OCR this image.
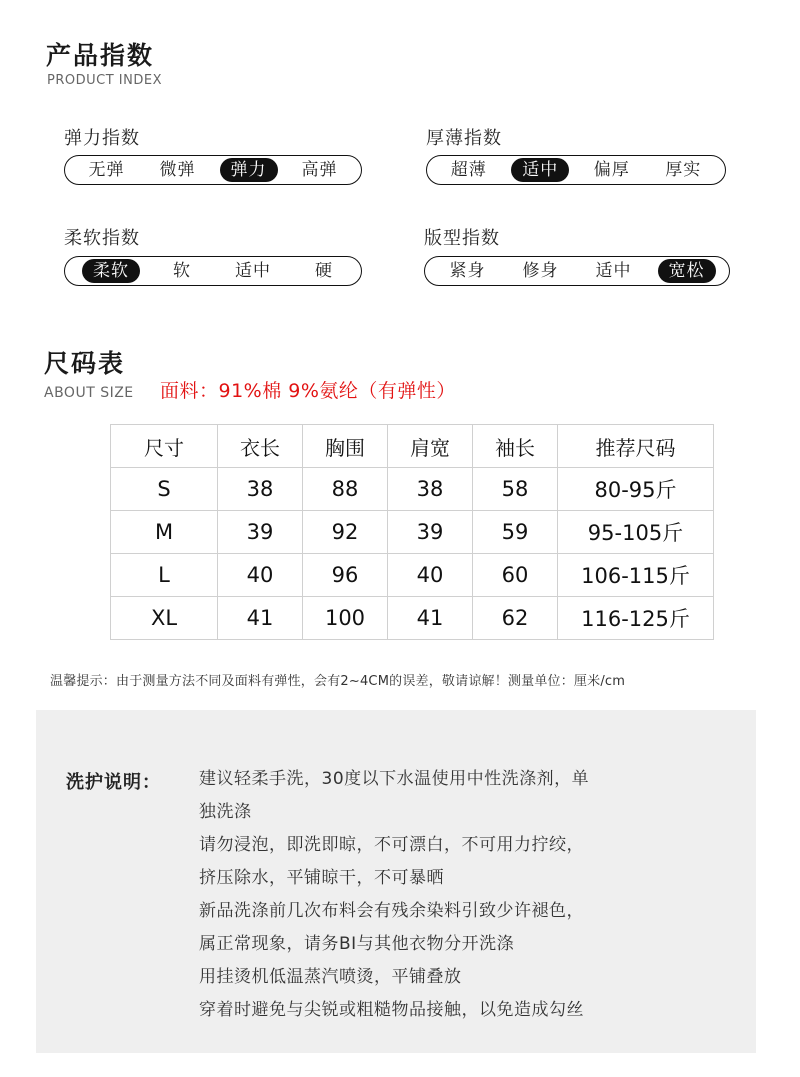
产品指数
PRODUCT INDEX
弹力指数
无弹	微弹	弹力	高弹
厚薄指数
超薄	适中	偏厚	厚实
柔软指数
柔软	软	适中	硬
版型指数
紧身	修身	适中	宽松
尺码表
ABOUT SIZE 面料：91%棉 9%氨纶（有弹性）
尺寸	衣长	胸围	肩宽	袖长	推荐尺码
S	38	88	38	58	80-95斤
M	39	92	39	59	95-105斤
L	40	96	40	60	106-115斤
XL	41	100	41	62	116-125斤
温馨提示：由于测量方法不同及面料有弹性，会有2~4CM的误差，敬请谅解！测量单位：厘米/cm
洗护说明： 建议轻柔手洗，30度以下水温使用中性洗涤剂，单
独洗涤
请勿浸泡，即洗即晾，不可漂白，不可用力拧绞，
挤压除水，平铺晾干，不可暴晒
新品洗涤前几次布料会有残余染料引致少许褪色，
属正常现象，请务BI与其他衣物分开洗涤
用挂烫机低温蒸汽喷烫，平铺叠放
穿着时避免与尖锐或粗糙物品接触，以免造成勾丝
